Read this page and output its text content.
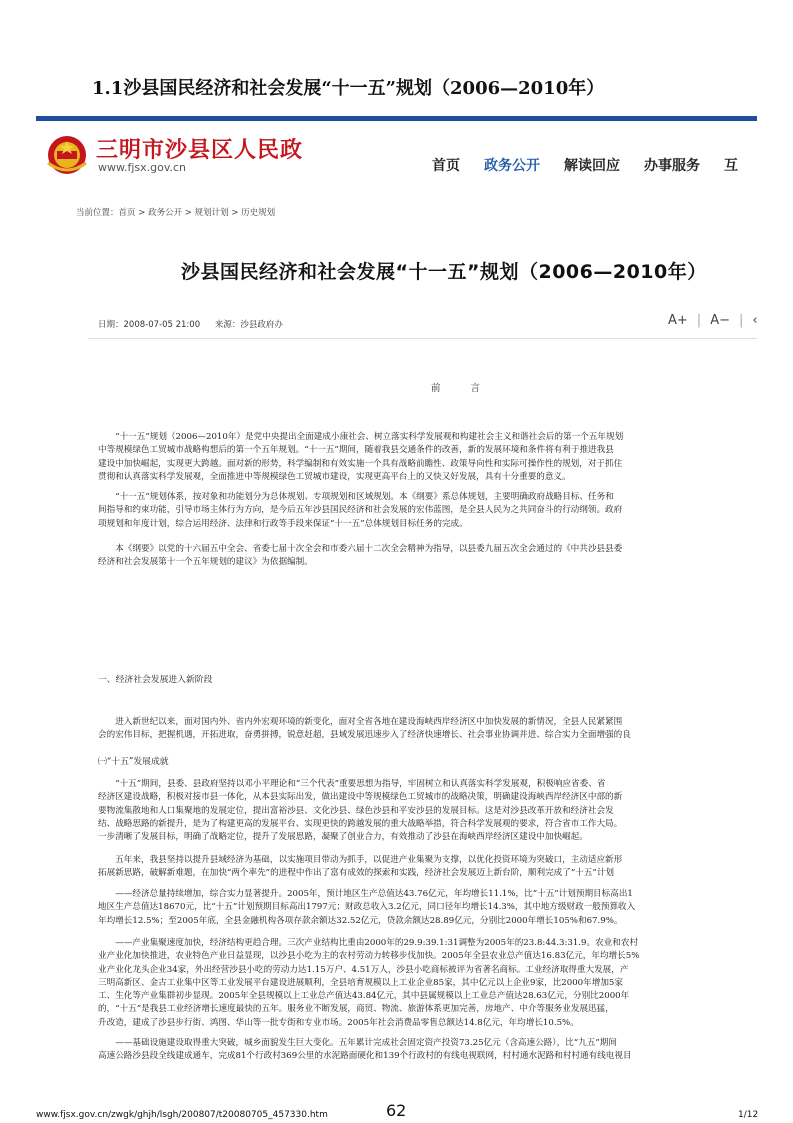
1.1沙县国民经济和社会发展“十一五”规划（2006—2010年）
三明市沙县区人民政
www.fjsx.gov.cn	首页 政务公开 解读回应 办事服务 互
当前位置：首页 > 政务公开 > 规划计划 > 历史规划
沙县国民经济和社会发展“十一五”规划（2006—2010年）
日期：2008-07-05 21:00 来源：沙县政府办	A+ | A− | ‹
前言
　　“十一五”规划（2006—2010年）是党中央提出全面建成小康社会、树立落实科学发展观和构建社会主义和谐社会后的第一个五年规划
中等规模绿色工贸城市战略构想后的第一个五年规划。“十一五”期间，随着我县交通条件的改善，新的发展环境和条件将有利于推进我县
建设中加快崛起，实现更大跨越。面对新的形势，科学编制和有效实施一个具有战略前瞻性、政策导向性和实际可操作性的规划，对于抓住
贯彻和认真落实科学发展观，全面推进中等规模绿色工贸城市建设，实现更高平台上的又快又好发展，具有十分重要的意义。
　　“十一五”规划体系，按对象和功能划分为总体规划、专项规划和区域规划。本《纲要》系总体规划，主要明确政府战略目标、任务和
间指导和约束功能，引导市场主体行为方向，是今后五年沙县国民经济和社会发展的宏伟蓝图，是全县人民为之共同奋斗的行动纲领。政府
项规划和年度计划，综合运用经济、法律和行政等手段来保证“十一五”总体规划目标任务的完成。
　　本《纲要》以党的十六届五中全会、省委七届十次全会和市委六届十二次全会精神为指导，以县委九届五次全会通过的《中共沙县县委
经济和社会发展第十一个五年规划的建议》为依据编制。
　　进入新世纪以来，面对国内外、省内外宏观环境的新变化，面对全省各地在建设海峡西岸经济区中加快发展的新情况，全县人民紧紧围
会的宏伟目标，把握机遇，开拓进取，奋勇拼搏，锐意赶超，县域发展迅速步入了经济快速增长、社会事业协调并进、综合实力全面增强的良
　　“十五”期间，县委、县政府坚持以邓小平理论和“三个代表”重要思想为指导，牢固树立和认真落实科学发展观，积极响应省委、省
经济区建设战略，积极对接市县一体化，从本县实际出发，做出建设中等规模绿色工贸城市的战略决策，明确建设海峡西岸经济区中部的新
要物流集散地和人口集聚地的发展定位，提出富裕沙县、文化沙县、绿色沙县和平安沙县的发展目标。这是对沙县改革开放和经济社会发
结、战略思路的新提升，是为了构建更高的发展平台、实现更快的跨越发展的重大战略举措，符合科学发展观的要求，符合省市工作大局。
一步清晰了发展目标，明确了战略定位，提升了发展思路，凝聚了创业合力，有效推动了沙县在海峡西岸经济区建设中加快崛起。
　　五年来，我县坚持以提升县域经济为基础，以实施项目带动为抓手，以促进产业集聚为支撑，以优化投资环境为突破口，主动适应新形
拓展新思路，破解新难题，在加快“两个率先”的进程中作出了富有成效的探索和实践，经济社会发展迈上新台阶，顺利完成了“十五”计划
　　——经济总量持续增加，综合实力显著提升。2005年，预计地区生产总值达43.76亿元，年均增长11.1%，比“十五”计划预期目标高出1
地区生产总值达18670元，比“十五”计划预期目标高出1797元；财政总收入3.2亿元，同口径年均增长14.3%，其中地方级财政一般预算收入
年均增长12.5%；至2005年底，全县金融机构各项存款余额达32.52亿元，贷款余额达28.89亿元，分别比2000年增长105%和67.9%。
　　——产业集聚速度加快，经济结构更趋合理。三次产业结构比重由2000年的29.9:39.1:31调整为2005年的23.8:44.3:31.9。农业和农村
业产业化加快推进，农业特色产业日益显现，以沙县小吃为主的农村劳动力转移步伐加快。2005年全县农业总产值达16.83亿元，年均增长5%
业产业化龙头企业34家，外出经营沙县小吃的劳动力达1.15万户、4.51万人，沙县小吃商标被评为省著名商标。工业经济取得重大发展，产
三明高新区、金古工业集中区等工业发展平台建设进展顺利，全县培育规模以上工业企业85家，其中亿元以上企业9家，比2000年增加5家
工、生化等产业集群初步显现。2005年全县规模以上工业总产值达43.84亿元，其中县属规模以上工业总产值达28.63亿元，分别比2000年
的，“十五”是我县工业经济增长速度最快的五年。服务业不断发展，商贸、物流、旅游体系更加完善，房地产、中介等服务业发展迅猛，
升改造，建成了沙县步行街、鸿图、华山等一批专街和专业市场。2005年社会消费品零售总额达14.8亿元，年均增长10.5%。
　　——基础设施建设取得重大突破，城乡面貌发生巨大变化。五年累计完成社会固定资产投资73.25亿元（含高速公路），比“九五”期间
高速公路沙县段全线建成通车，完成81个行政村369公里的水泥路面硬化和139个行政村的有线电视联网，村村通水泥路和村村通有线电视目
一、经济社会发展进入新阶段
㈠“十五”发展成就
62
www.fjsx.gov.cn/zwgk/ghjh/lsgh/200807/t20080705_457330.htm	1/12
